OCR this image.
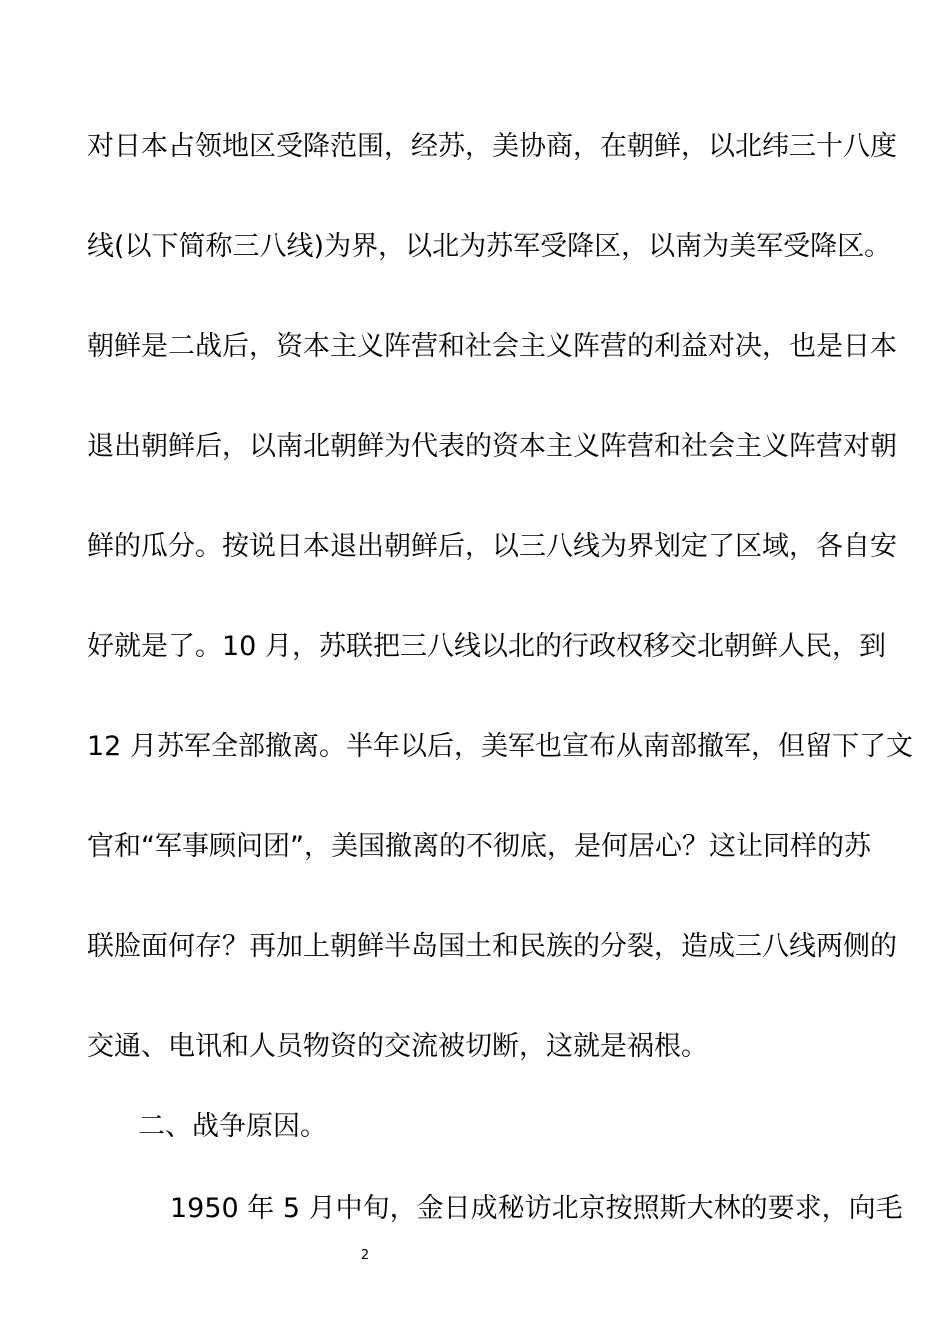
对日本占领地区受降范围，经苏，美协商，在朝鲜，以北纬三十八度
线(以下简称三八线)为界，以北为苏军受降区，以南为美军受降区。
朝鲜是二战后，资本主义阵营和社会主义阵营的利益对决，也是日本
退出朝鲜后，以南北朝鲜为代表的资本主义阵营和社会主义阵营对朝
鲜的瓜分。按说日本退出朝鲜后，以三八线为界划定了区域，各自安
好就是了。10 月，苏联把三八线以北的行政权移交北朝鲜人民，到
12 月苏军全部撤离。半年以后，美军也宣布从南部撤军，但留下了文
官和“军事顾问团”，美国撤离的不彻底，是何居心？这让同样的苏
联脸面何存？再加上朝鲜半岛国土和民族的分裂，造成三八线两侧的
交通、电讯和人员物资的交流被切断，这就是祸根。
二、战争原因。
1950 年 5 月中旬，金日成秘访北京按照斯大林的要求，向毛
2
